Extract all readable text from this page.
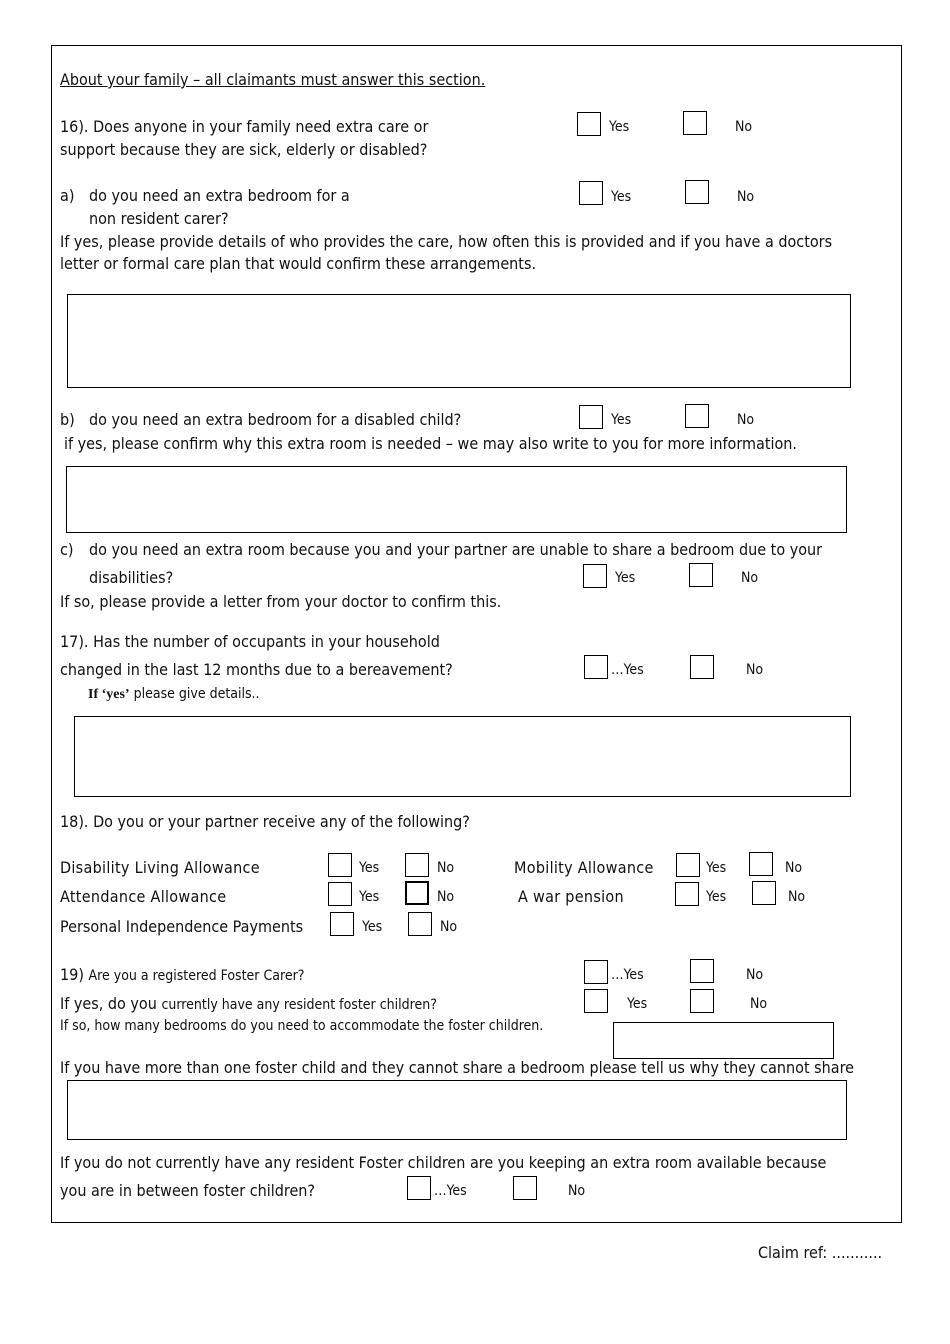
About your family – all claimants must answer this section.
16). Does anyone in your family need extra care or
support because they are sick, elderly or disabled?
Yes	No
a) do you need an extra bedroom for a
non resident carer?
Yes	No
If yes, please provide details of who provides the care, how often this is provided and if you have a doctors
letter or formal care plan that would confirm these arrangements.
b) do you need an extra bedroom for a disabled child?	Yes	No
if yes, please confirm why this extra room is needed – we may also write to you for more information.
c) do you need an extra room because you and your partner are unable to share a bedroom due to your
disabilities?	Yes	No
If so, please provide a letter from your doctor to confirm this.
17). Has the number of occupants in your household
changed in the last 12 months due to a bereavement?	…Yes	No
If ‘yes’ please give details..
18). Do you or your partner receive any of the following?
Disability Living Allowance	Yes	No	Mobility Allowance	Yes	No
Attendance Allowance	Yes	No	A war pension	Yes	No
Personal Independence Payments	Yes	No
19) Are you a registered Foster Carer?	…Yes	No
If yes, do you currently have any resident foster children?	Yes	No
If so, how many bedrooms do you need to accommodate the foster children.
If you have more than one foster child and they cannot share a bedroom please tell us why they cannot share
If you do not currently have any resident Foster children are you keeping an extra room available because
you are in between foster children?	…Yes	No
Claim ref: ...........
